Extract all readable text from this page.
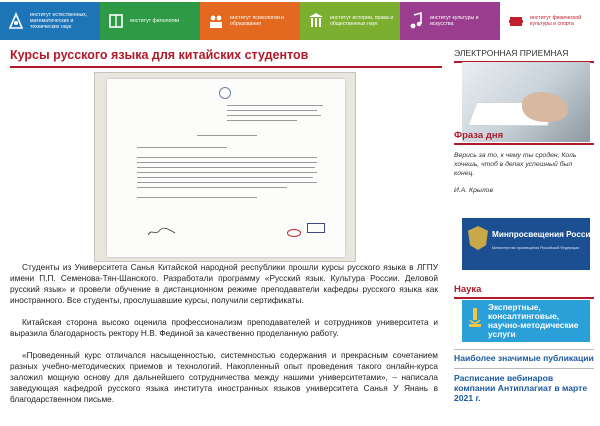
институт естественных, математических и технических наук
институт филологии	институт психологии и образования
институт истории, права и общественных наук
институт культуры и искусства
институт физической культуры и спорта
Курсы русского языка для китайских студентов

Студенты из Университета Санья Китайской народной республики прошли курсы русского языка в ЛГПУ имени П.П. Семенова-Тян-Шанского. Разработали программу «Русский язык. Культура России. Деловой русский язык» и провели обучение в дистанционном режиме преподаватели кафедры русского языка как иностранного. Все студенты, прослушавшие курсы, получили сертификаты.

Китайская сторона высоко оценила профессионализм преподавателей и сотрудников университета и выразила благодарность ректору Н.В. Фединой за качественно проделанную работу.

«Проведенный курс отличался насыщенностью, системностью содержания и прекрасным сочетанием разных учебно-методических приемов и технологий. Накопленный опыт проведения такого онлайн-курса заложил мощную основу для дальнейшего сотрудничества между нашими университетами», – написала заведующая кафедрой русского языка института иностранных языков университета Санья У Янань в благодарственном письме.

ЭЛЕКТРОННАЯ ПРИЕМНАЯ
Фраза дня
Верись за то, к чему ты сроден, Коль хочешь, чтоб в делах успешный был конец.
И.А. Крылов
Минпросвещения России
Министерство просвещения Российской Федерации
Наука
Экспертные, консалтинговые, научно-методические услуги
Наиболее значимые публикации
Расписание вебинаров компании Антиплагиат в марте 2021 г.
